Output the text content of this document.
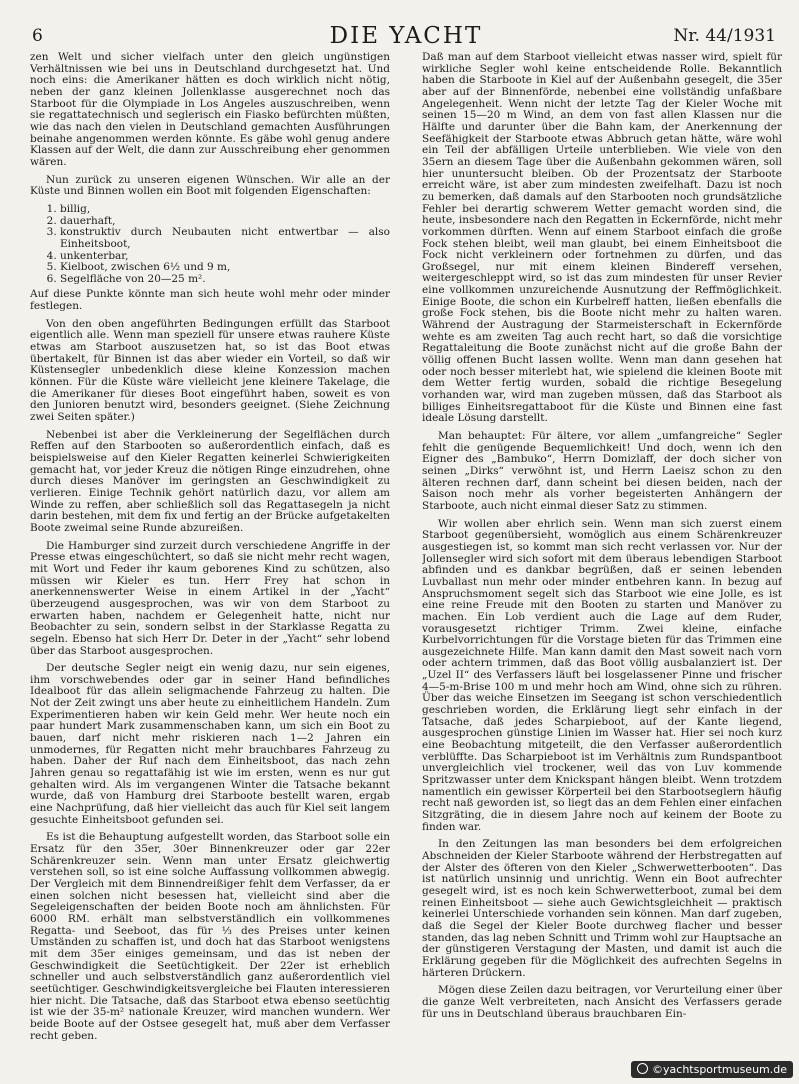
6	DIE YACHT	Nr. 44/1931

zen Welt und sicher vielfach unter den gleich ungünstigen Verhältnissen wie bei uns in Deutschland durchgesetzt hat. Und noch eins: die Amerikaner hätten es doch wirklich nicht nötig, neben der ganz kleinen Jollenklasse ausgerechnet noch das Starboot für die Olympiade in Los Angeles auszuschreiben, wenn sie regattatechnisch und seglerisch ein Fiasko befürchten müßten, wie das nach den vielen in Deutschland gemachten Ausführungen beinahe angenommen werden könnte. Es gäbe wohl genug andere Klassen auf der Welt, die dann zur Ausschreibung eher genommen wären.

Nun zurück zu unseren eigenen Wünschen. Wir alle an der Küste und Binnen wollen ein Boot mit folgenden Eigenschaften:

1. billig,
2. dauerhaft,
3. konstruktiv durch Neubauten nicht entwertbar — also Einheitsboot,
4. unkenterbar,
5. Kielboot, zwischen 6½ und 9 m,
6. Segelfläche von 20—25 m².

Auf diese Punkte könnte man sich heute wohl mehr oder minder festlegen.

Von den oben angeführten Bedingungen erfüllt das Starboot eigentlich alle. Wenn man speziell für unsere etwas rauhere Küste etwas am Starboot auszusetzen hat, so ist das Boot etwas übertakelt, für Binnen ist das aber wieder ein Vorteil, so daß wir Küstensegler unbedenklich diese kleine Konzession machen können. Für die Küste wäre vielleicht jene kleinere Takelage, die die Amerikaner für dieses Boot eingeführt haben, soweit es von den Junioren benutzt wird, besonders geeignet. (Siehe Zeichnung zwei Seiten später.)

Nebenbei ist aber die Verkleinerung der Segelflächen durch Reffen auf den Starbooten so außerordentlich einfach, daß es beispielsweise auf den Kieler Regatten keinerlei Schwierigkeiten gemacht hat, vor jeder Kreuz die nötigen Ringe einzudrehen, ohne durch dieses Manöver im geringsten an Geschwindigkeit zu verlieren. Einige Technik gehört natürlich dazu, vor allem am Winde zu reffen, aber schließlich soll das Regattasegeln ja nicht darin bestehen, mit dem fix und fertig an der Brücke aufgetakelten Boote zweimal seine Runde abzureißen.

Die Hamburger sind zurzeit durch verschiedene Angriffe in der Presse etwas eingeschüchtert, so daß sie nicht mehr recht wagen, mit Wort und Feder ihr kaum geborenes Kind zu schützen, also müssen wir Kieler es tun. Herr Frey hat schon in anerkennenswerter Weise in einem Artikel in der „Yacht“ überzeugend ausgesprochen, was wir von dem Starboot zu erwarten haben, nachdem er Gelegenheit hatte, nicht nur Beobachter zu sein, sondern selbst in der Starklasse Regatta zu segeln. Ebenso hat sich Herr Dr. Deter in der „Yacht“ sehr lobend über das Starboot ausgesprochen.

Der deutsche Segler neigt ein wenig dazu, nur sein eigenes, ihm vorschwebendes oder gar in seiner Hand befindliches Idealboot für das allein seligmachende Fahrzeug zu halten. Die Not der Zeit zwingt uns aber heute zu einheitlichem Handeln. Zum Experimentieren haben wir kein Geld mehr. Wer heute noch ein paar hundert Mark zusammenschaben kann, um sich ein Boot zu bauen, darf nicht mehr riskieren nach 1—2 Jahren ein unmodernes, für Regatten nicht mehr brauchbares Fahrzeug zu haben. Daher der Ruf nach dem Einheitsboot, das nach zehn Jahren genau so regattafähig ist wie im ersten, wenn es nur gut gehalten wird. Als im vergangenen Winter die Tatsache bekannt wurde, daß von Hamburg drei Starboote bestellt waren, ergab eine Nachprüfung, daß hier vielleicht das auch für Kiel seit langem gesuchte Einheitsboot gefunden sei.

Es ist die Behauptung aufgestellt worden, das Starboot solle ein Ersatz für den 35er, 30er Binnenkreuzer oder gar 22er Schärenkreuzer sein. Wenn man unter Ersatz gleichwertig verstehen soll, so ist eine solche Auffassung vollkommen abwegig. Der Vergleich mit dem Binnendreißiger fehlt dem Verfasser, da er einen solchen nicht besessen hat, vielleicht sind aber die Segeleigenschaften der beiden Boote noch am ähnlichsten. Für 6000 RM. erhält man selbstverständlich ein vollkommenes Regatta- und Seeboot, das für ⅓ des Preises unter keinen Umständen zu schaffen ist, und doch hat das Starboot wenigstens mit dem 35er einiges gemeinsam, und das ist neben der Geschwindigkeit die Seetüchtigkeit. Der 22er ist erheblich schneller und auch selbstverständlich ganz außerordentlich viel seetüchtiger. Geschwindigkeitsvergleiche bei Flauten interessieren hier nicht. Die Tatsache, daß das Starboot etwa ebenso seetüchtig ist wie der 35-m² nationale Kreuzer, wird manchen wundern. Wer beide Boote auf der Ostsee gesegelt hat, muß aber dem Verfasser recht geben.

Daß man auf dem Starboot vielleicht etwas nasser wird, spielt für wirkliche Segler wohl keine entscheidende Rolle. Bekanntlich haben die Starboote in Kiel auf der Außenbahn gesegelt, die 35er aber auf der Binnenförde, nebenbei eine vollständig unfaßbare Angelegenheit. Wenn nicht der letzte Tag der Kieler Woche mit seinen 15—20 m Wind, an dem von fast allen Klassen nur die Hälfte und darunter über die Bahn kam, der Anerkennung der Seefähigkeit der Starboote etwas Abbruch getan hätte, wäre wohl ein Teil der abfälligen Urteile unterblieben. Wie viele von den 35ern an diesem Tage über die Außenbahn gekommen wären, soll hier ununtersucht bleiben. Ob der Prozentsatz der Starboote erreicht wäre, ist aber zum mindesten zweifelhaft. Dazu ist noch zu bemerken, daß damals auf den Starbooten noch grundsätzliche Fehler bei derartig schwerem Wetter gemacht worden sind, die heute, insbesondere nach den Regatten in Eckernförde, nicht mehr vorkommen dürften. Wenn auf einem Starboot einfach die große Fock stehen bleibt, weil man glaubt, bei einem Einheitsboot die Fock nicht verkleinern oder fortnehmen zu dürfen, und das Großsegel, nur mit einem kleinen Bindereff versehen, weitergeschleppt wird, so ist das zum mindesten für unser Revier eine vollkommen unzureichende Ausnutzung der Reffmöglichkeit. Einige Boote, die schon ein Kurbelreff hatten, ließen ebenfalls die große Fock stehen, bis die Boote nicht mehr zu halten waren. Während der Austragung der Starmeisterschaft in Eckernförde wehte es am zweiten Tag auch recht hart, so daß die vorsichtige Regattaleitung die Boote zunächst nicht auf die große Bahn der völlig offenen Bucht lassen wollte. Wenn man dann gesehen hat oder noch besser miterlebt hat, wie spielend die kleinen Boote mit dem Wetter fertig wurden, sobald die richtige Besegelung vorhanden war, wird man zugeben müssen, daß das Starboot als billiges Einheitsregattaboot für die Küste und Binnen eine fast ideale Lösung darstellt.

Man behauptet: Für ältere, vor allem „umfangreiche“ Segler fehlt die genügende Bequemlichkeit! Und doch, wenn ich den Eigner des „Bambuko“, Herrn Domizlaff, der doch sicher von seinen „Dirks“ verwöhnt ist, und Herrn Laeisz schon zu den älteren rechnen darf, dann scheint bei diesen beiden, nach der Saison noch mehr als vorher begeisterten Anhängern der Starboote, auch nicht einmal dieser Satz zu stimmen.

Wir wollen aber ehrlich sein. Wenn man sich zuerst einem Starboot gegenübersieht, womöglich aus einem Schärenkreuzer ausgestiegen ist, so kommt man sich recht verlassen vor. Nur der Jollensegler wird sich sofort mit dem überaus lebendigen Starboot abfinden und es dankbar begrüßen, daß er seinen lebenden Luvballast nun mehr oder minder entbehren kann. In bezug auf Anspruchsmoment segelt sich das Starboot wie eine Jolle, es ist eine reine Freude mit den Booten zu starten und Manöver zu machen. Ein Lob verdient auch die Lage auf dem Ruder, vorausgesetzt richtiger Trimm. Zwei kleine, einfache Kurbelvorrichtungen für die Vorstage bieten für das Trimmen eine ausgezeichnete Hilfe. Man kann damit den Mast soweit nach vorn oder achtern trimmen, daß das Boot völlig ausbalanziert ist. Der „Uzel II“ des Verfassers läuft bei losgelassener Pinne und frischer 4—5-m-Brise 100 m und mehr hoch am Wind, ohne sich zu rühren. Über das weiche Einsetzen im Seegang ist schon verschiedentlich geschrieben worden, die Erklärung liegt sehr einfach in der Tatsache, daß jedes Scharpieboot, auf der Kante liegend, ausgesprochen günstige Linien im Wasser hat. Hier sei noch kurz eine Beobachtung mitgeteilt, die den Verfasser außerordentlich verblüffte. Das Scharpieboot ist im Verhältnis zum Rundspantboot unvergleichlich viel trockener, weil das von Luv kommende Spritzwasser unter dem Knickspant hängen bleibt. Wenn trotzdem namentlich ein gewisser Körperteil bei den Starbootseglern häufig recht naß geworden ist, so liegt das an dem Fehlen einer einfachen Sitzgräting, die in diesem Jahre noch auf keinem der Boote zu finden war.

In den Zeitungen las man besonders bei dem erfolgreichen Abschneiden der Kieler Starboote während der Herbstregatten auf der Alster des öfteren von den Kieler „Schwerwetterbooten“. Das ist natürlich unsinnig und unrichtig. Wenn ein Boot aufrechter gesegelt wird, ist es noch kein Schwerwetterboot, zumal bei dem reinen Einheitsboot — siehe auch Gewichtsgleichheit — praktisch keinerlei Unterschiede vorhanden sein können. Man darf zugeben, daß die Segel der Kieler Boote durchweg flacher und besser standen, das lag neben Schnitt und Trimm wohl zur Hauptsache an der günstigeren Verstagung der Masten, und damit ist auch die Erklärung gegeben für die Möglichkeit des aufrechten Segelns in härteren Drückern.

Mögen diese Zeilen dazu beitragen, vor Verurteilung einer über die ganze Welt verbreiteten, nach Ansicht des Verfassers gerade für uns in Deutschland überaus brauchbaren Ein-

©yachtsportmuseum.de
